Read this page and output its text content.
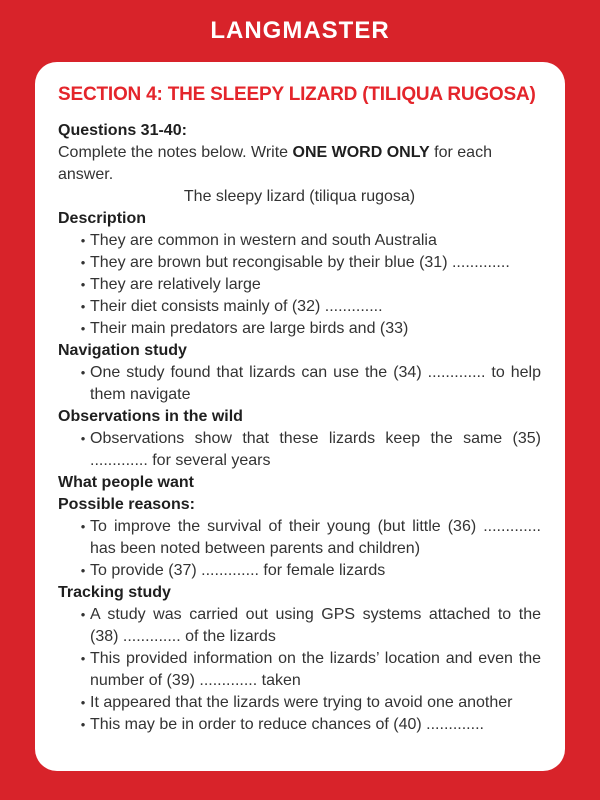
LANGMASTER
SECTION 4: THE SLEEPY LIZARD (TILIQUA RUGOSA)
Questions 31-40:
Complete the notes below. Write ONE WORD ONLY for each answer.
The sleepy lizard (tiliqua rugosa)
Description
• They are common in western and south Australia
• They are brown but recongisable by their blue (31) .............
• They are relatively large
• Their diet consists mainly of (32) .............
• Their main predators are large birds and (33)
Navigation study
• One study found that lizards can use the (34) ............. to help them navigate
Observations in the wild
• Observations show that these lizards keep the same (35) ............. for several years
What people want
Possible reasons:
• To improve the survival of their young (but little (36) ............. has been noted between parents and children)
• To provide (37) ............. for female lizards
Tracking study
• A study was carried out using GPS systems attached to the (38) ............. of the lizards
• This provided information on the lizards’ location and even the number of (39) ............. taken
• It appeared that the lizards were trying to avoid one another
• This may be in order to reduce chances of (40) .............
